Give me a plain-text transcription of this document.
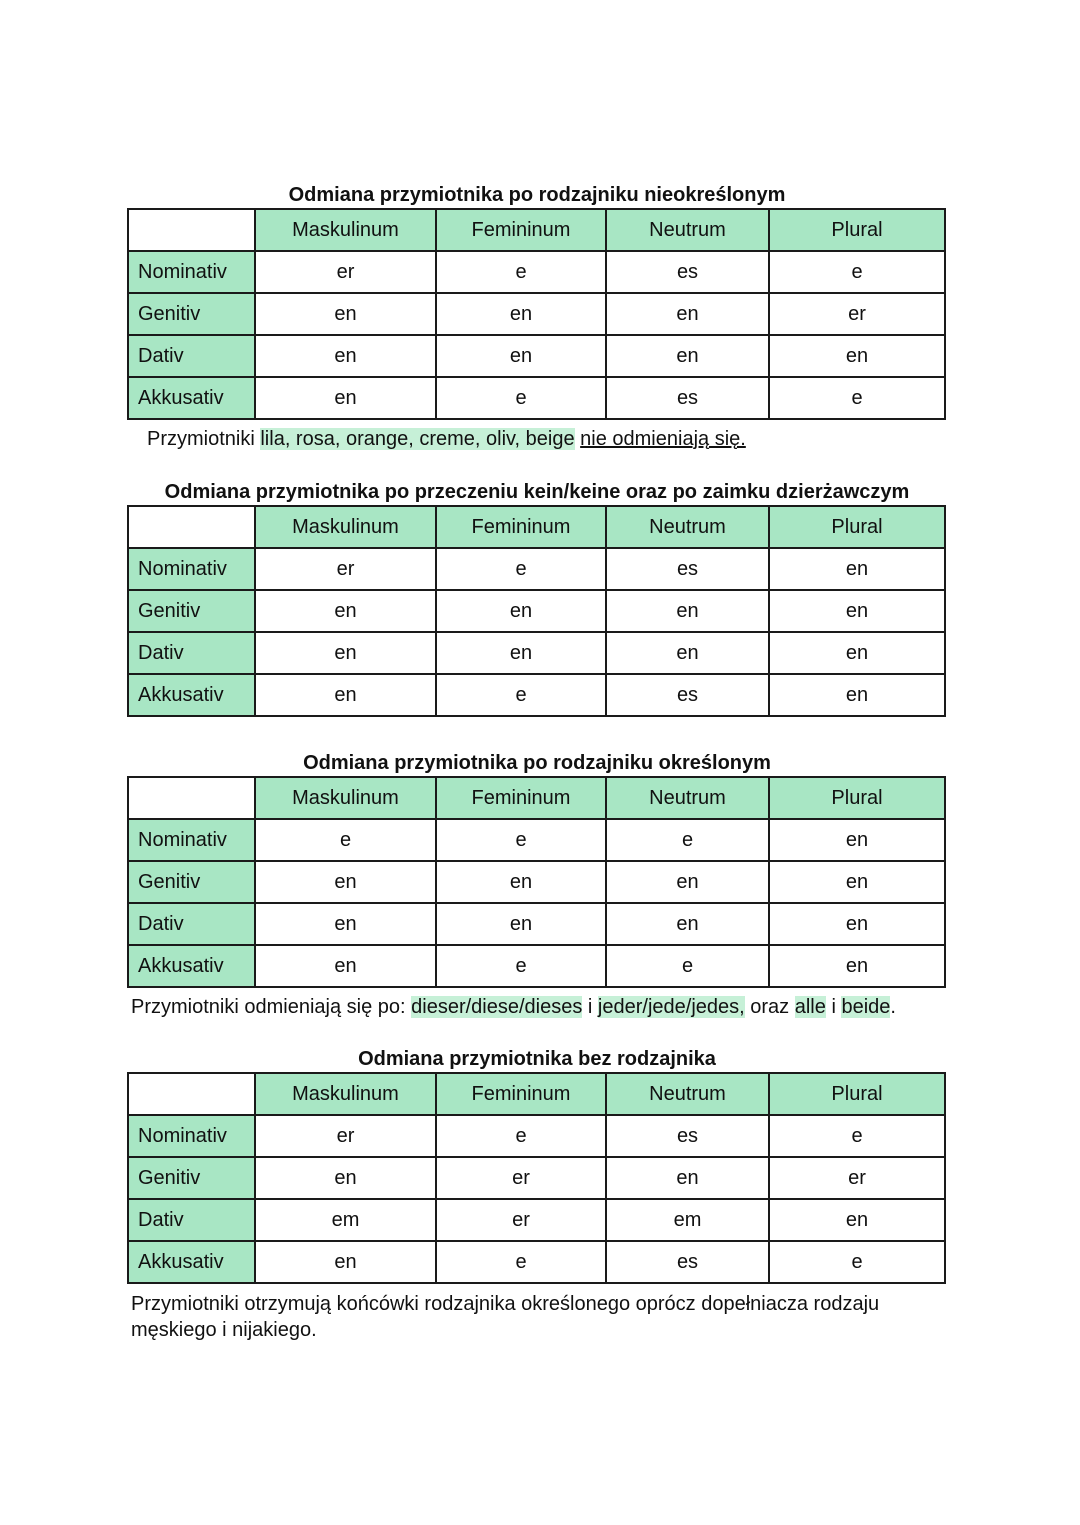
Odmiana przymiotnika po rodzajniku nieokreślonym
	Maskulinum	Femininum	Neutrum	Plural
Nominativ	er	e	es	e
Genitiv	en	en	en	er
Dativ	en	en	en	en
Akkusativ	en	e	es	e
Przymiotniki lila, rosa, orange, creme, oliv, beige nie odmieniają się.
Odmiana przymiotnika po przeczeniu kein/keine oraz po zaimku dzierżawczym
	Maskulinum	Femininum	Neutrum	Plural
Nominativ	er	e	es	en
Genitiv	en	en	en	en
Dativ	en	en	en	en
Akkusativ	en	e	es	en
Odmiana przymiotnika po rodzajniku określonym
	Maskulinum	Femininum	Neutrum	Plural
Nominativ	e	e	e	en
Genitiv	en	en	en	en
Dativ	en	en	en	en
Akkusativ	en	e	e	en
Przymiotniki odmieniają się po: dieser/diese/dieses i jeder/jede/jedes, oraz alle i beide.
Odmiana przymiotnika bez rodzajnika
	Maskulinum	Femininum	Neutrum	Plural
Nominativ	er	e	es	e
Genitiv	en	er	en	er
Dativ	em	er	em	en
Akkusativ	en	e	es	e
Przymiotniki otrzymują końcówki rodzajnika określonego oprócz dopełniacza rodzaju
męskiego i nijakiego.
